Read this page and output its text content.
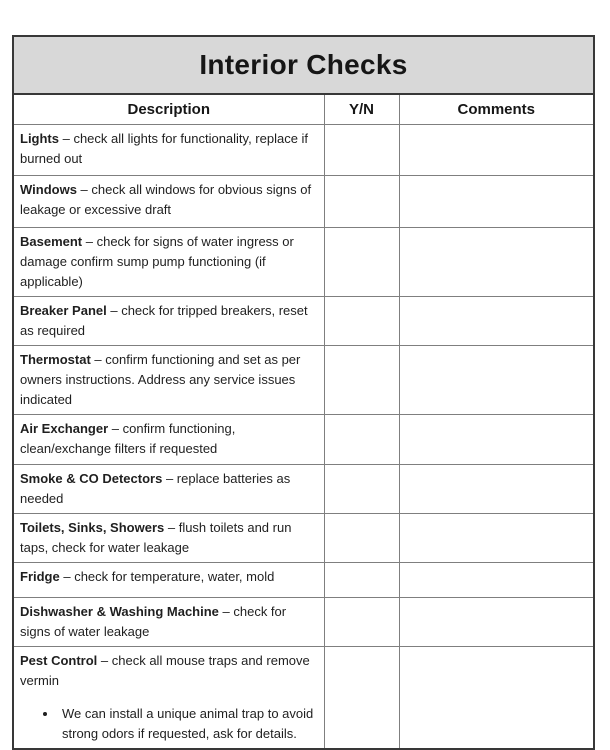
Interior Checks		
Description	Y/N	Comments
Lights – check all lights for functionality, replace if burned out		
Windows – check all windows for obvious signs of leakage or excessive draft		
Basement – check for signs of water ingress or damage confirm sump pump functioning (if applicable)		
Breaker Panel – check for tripped breakers, reset as required		
Thermostat – confirm functioning and set as per owners instructions. Address any service issues indicated		
Air Exchanger – confirm functioning, clean/exchange filters if requested		
Smoke & CO Detectors – replace batteries as needed		
Toilets, Sinks, Showers – flush toilets and run taps, check for water leakage		
Fridge – check for temperature, water, mold		
Dishwasher & Washing Machine – check for signs of water leakage		
Pest Control – check all mouse traps and remove vermin
• We can install a unique animal trap to avoid strong odors if requested, ask for details.
